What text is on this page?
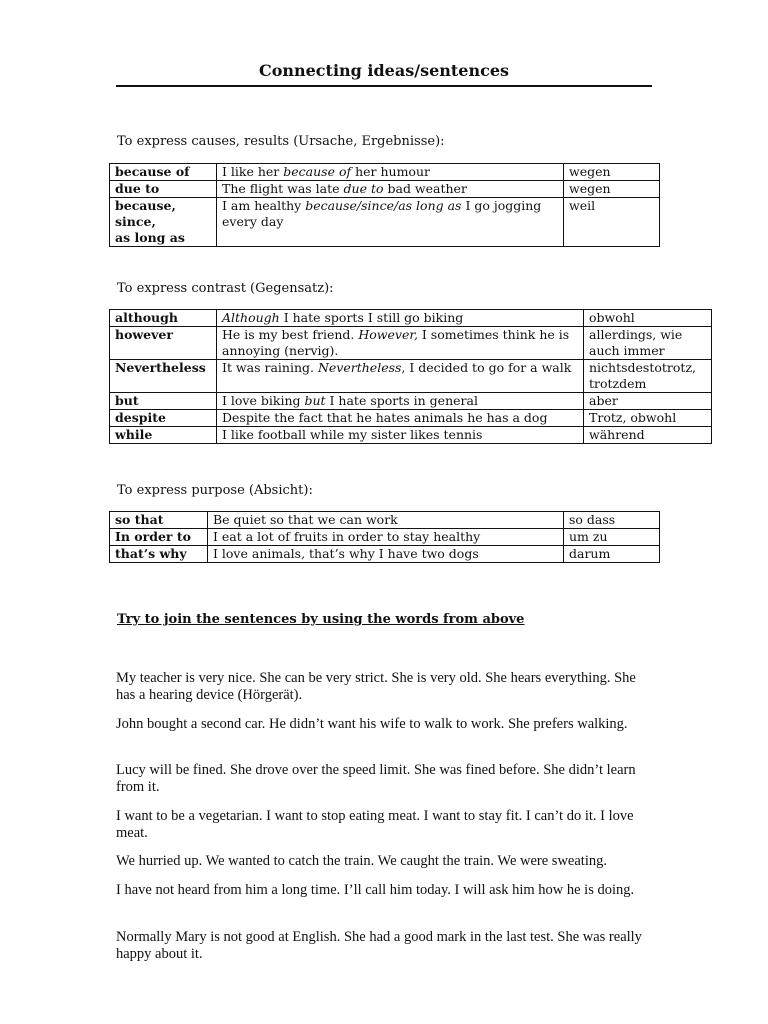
Connecting ideas/sentences
To express causes, results (Ursache, Ergebnisse):
because of	I like her because of her humour	wegen
due to	The flight was late due to bad weather	wegen
because,
since,
as long as	I am healthy because/since/as long as I go jogging every day	weil
To express contrast (Gegensatz):
although	Although I hate sports I still go biking	obwohl
however	He is my best friend. However, I sometimes think he is annoying (nervig).	allerdings, wie auch immer
Nevertheless	It was raining. Nevertheless, I decided to go for a walk	nichtsdestotrotz, trotzdem
but	I love biking but I hate sports in general	aber
despite	Despite the fact that he hates animals he has a dog	Trotz, obwohl
while	I like football while my sister likes tennis	während
To express purpose (Absicht):
so that	Be quiet so that we can work	so dass
In order to	I eat a lot of fruits in order to stay healthy	um zu
that’s why	I love animals, that’s why I have two dogs	darum
Try to join the sentences by using the words from above

My teacher is very nice. She can be very strict. She is very old. She hears everything. She has a hearing device (Hörgerät).

John bought a second car. He didn’t want his wife to walk to work. She prefers walking.

Lucy will be fined. She drove over the speed limit. She was fined before. She didn’t learn from it.

I want to be a vegetarian. I want to stop eating meat. I want to stay fit. I can’t do it. I love meat.

We hurried up. We wanted to catch the train. We caught the train. We were sweating.

I have not heard from him a long time. I’ll call him today. I will ask him how he is doing.

Normally Mary is not good at English. She had a good mark in the last test. She was really happy about it.
